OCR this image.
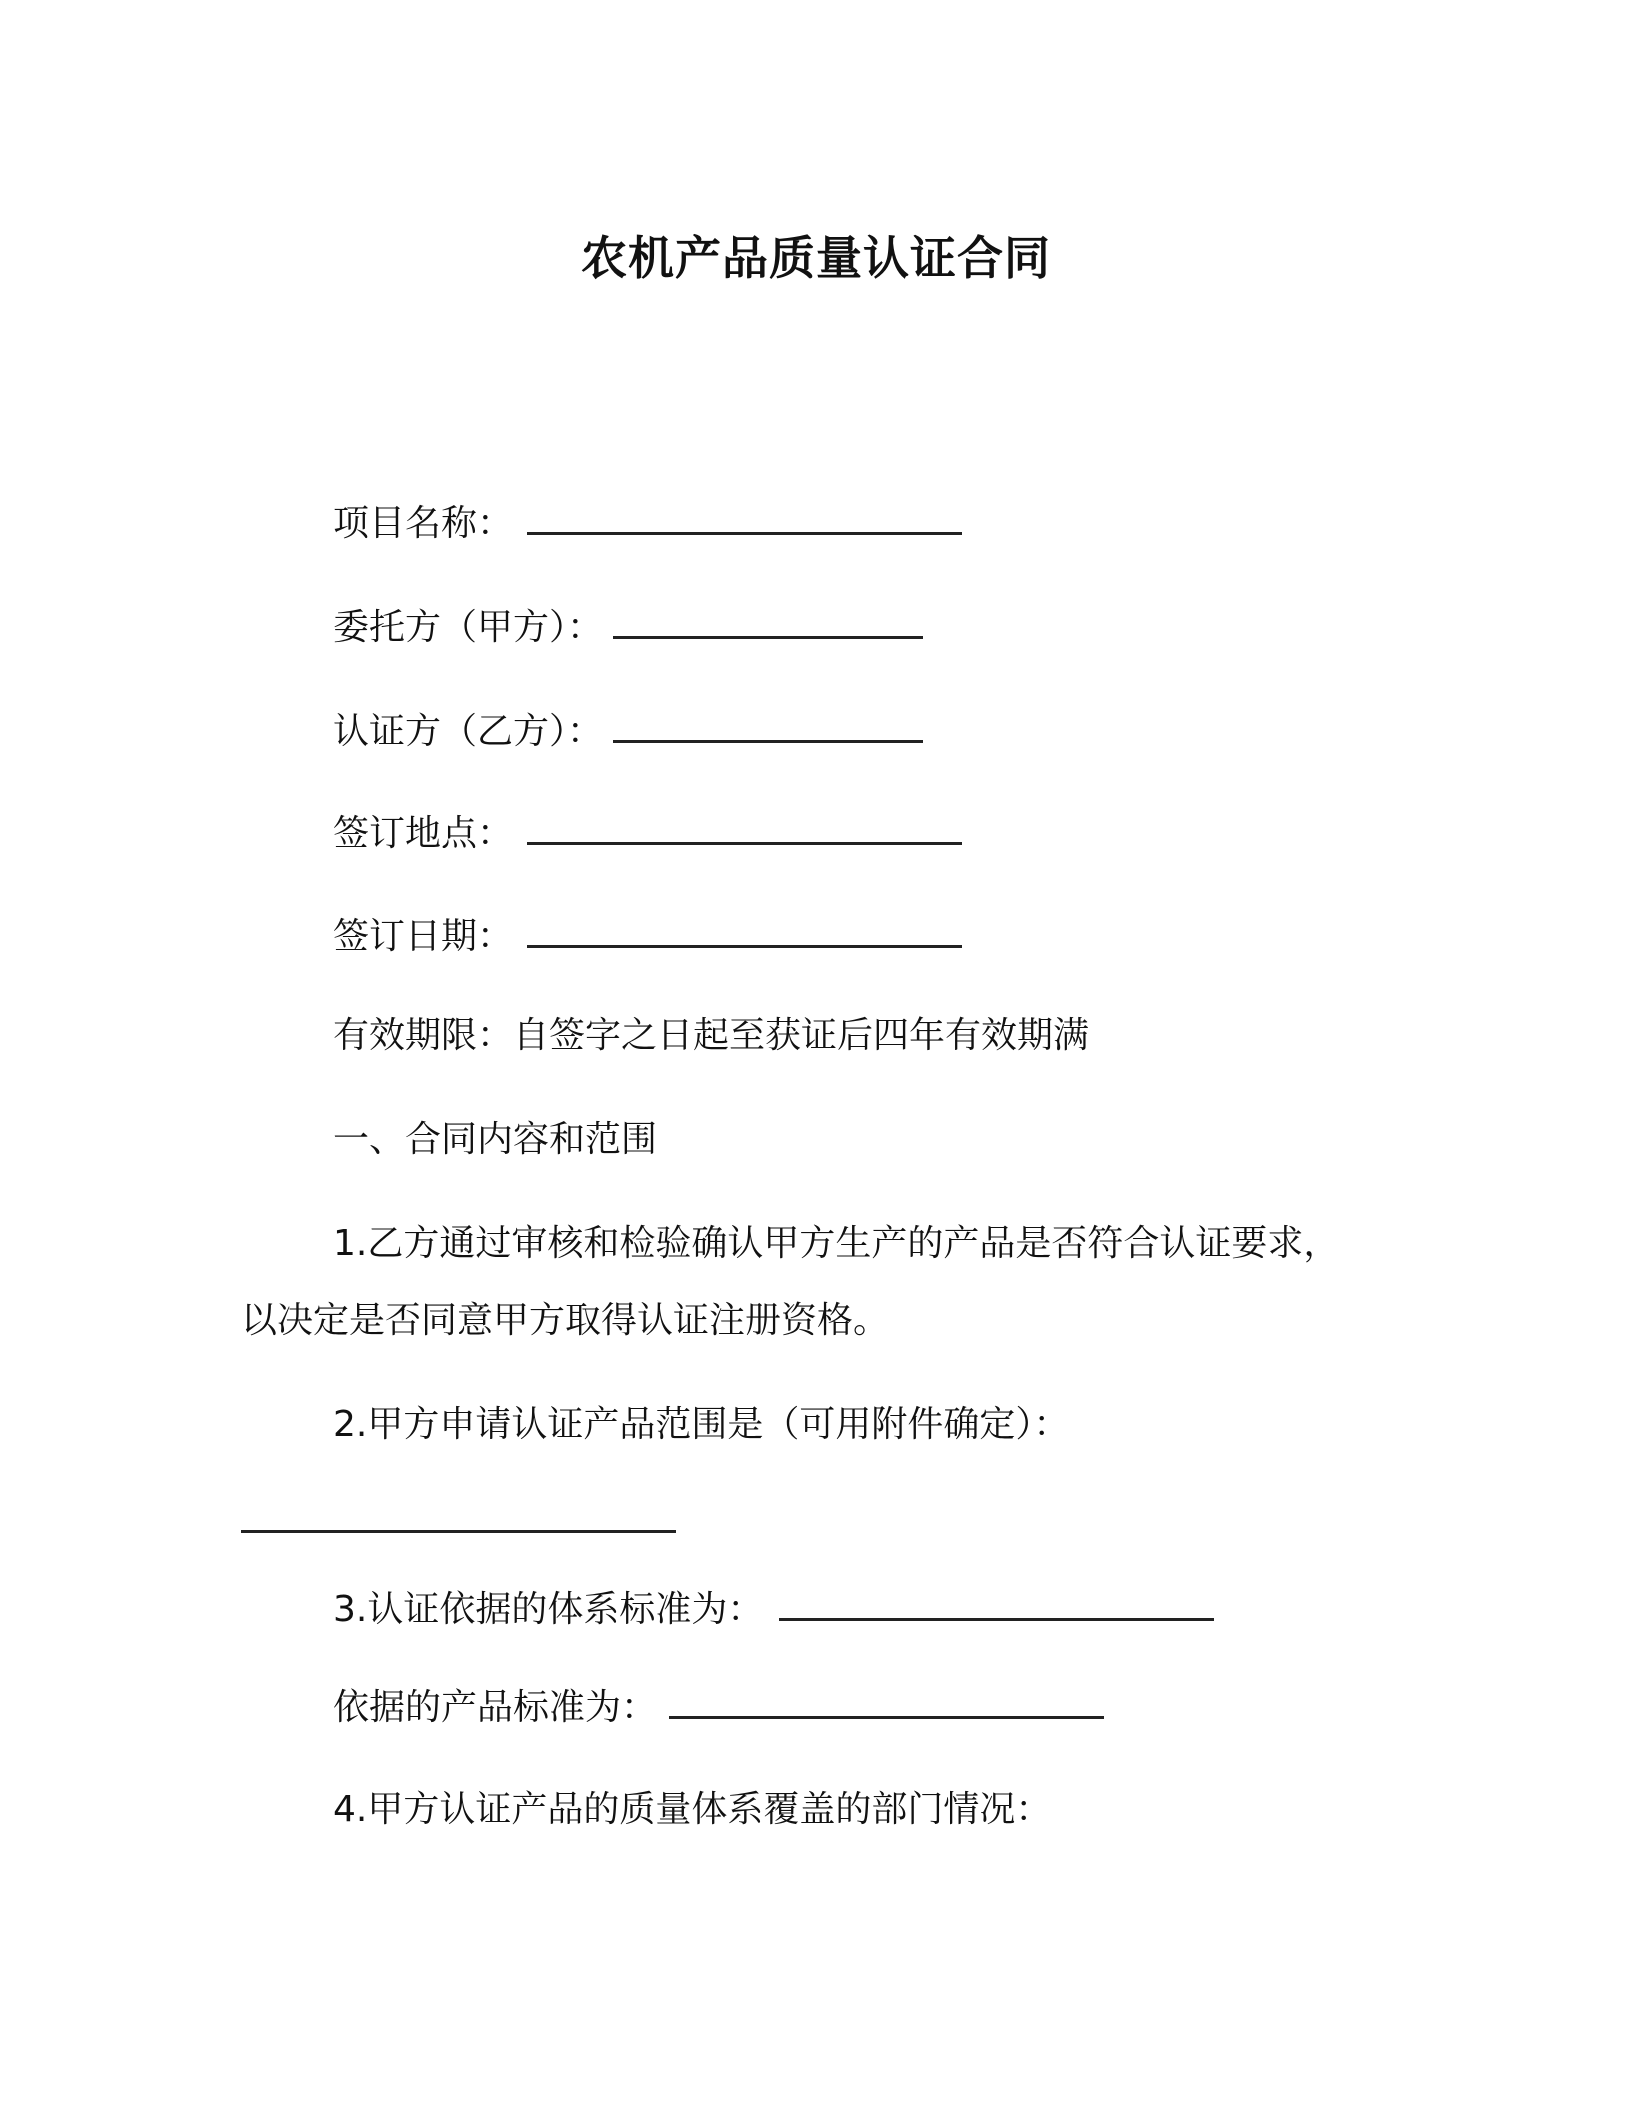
农机产品质量认证合同
项目名称：
委托方（甲方）：
认证方（乙方）：
签订地点：
签订日期：
有效期限：自签字之日起至获证后四年有效期满
一、合同内容和范围
1.乙方通过审核和检验确认甲方生产的产品是否符合认证要求，
以决定是否同意甲方取得认证注册资格。
2.甲方申请认证产品范围是（可用附件确定）：
3.认证依据的体系标准为：
依据的产品标准为：
4.甲方认证产品的质量体系覆盖的部门情况：
